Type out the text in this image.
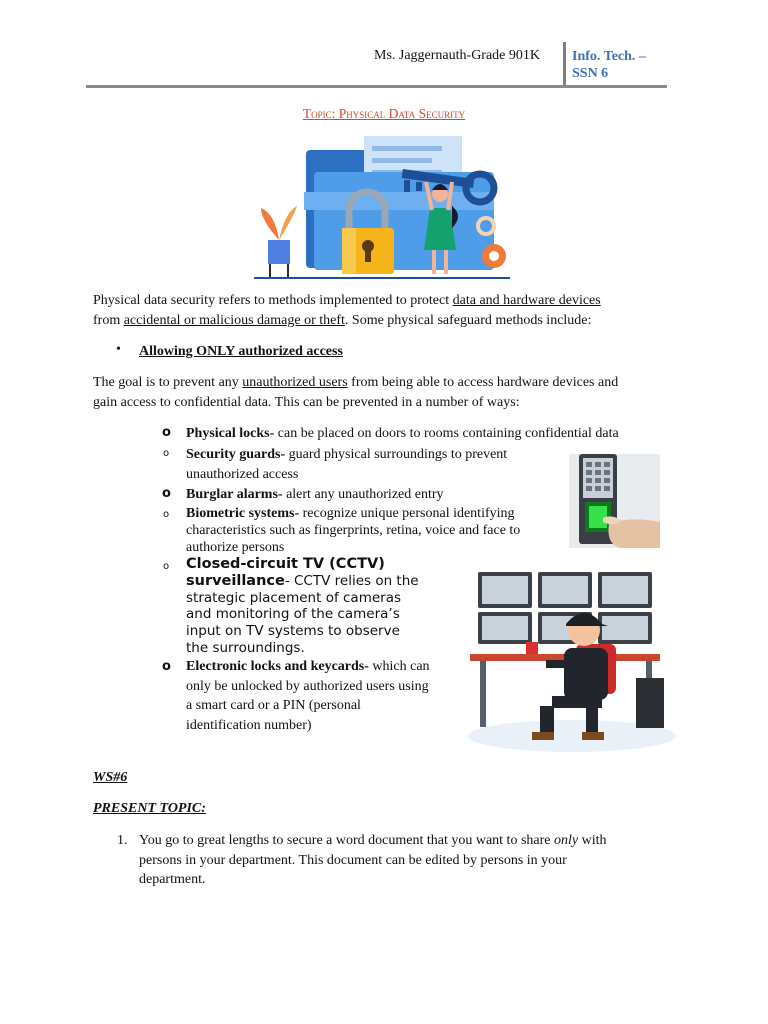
Ms. Jaggernauth-Grade 901K Info. Tech. –
SSN 6
Topic: Physical Data Security
Physical data security refers to methods implemented to protect data and hardware devices
from accidental or malicious damage or theft. Some physical safeguard methods include:
• Allowing ONLY authorized access
The goal is to prevent any unauthorized users from being able to access hardware devices and
gain access to confidential data. This can be prevented in a number of ways:
o Physical locks- can be placed on doors to rooms containing confidential data
o Security guards- guard physical surroundings to prevent
unauthorized access
o Burglar alarms- alert any unauthorized entry
o Biometric systems- recognize unique personal identifying
characteristics such as fingerprints, retina, voice and face to
authorize persons
o Closed-circuit TV (CCTV)
surveillance- CCTV relies on the
strategic placement of cameras
and monitoring of the camera’s
input on TV systems to observe
the surroundings.
o Electronic locks and keycards- which can
only be unlocked by authorized users using
a smart card or a PIN (personal
identification number)
WS#6
PRESENT TOPIC:
1. You go to great lengths to secure a word document that you want to share only with
persons in your department. This document can be edited by persons in your
department.
